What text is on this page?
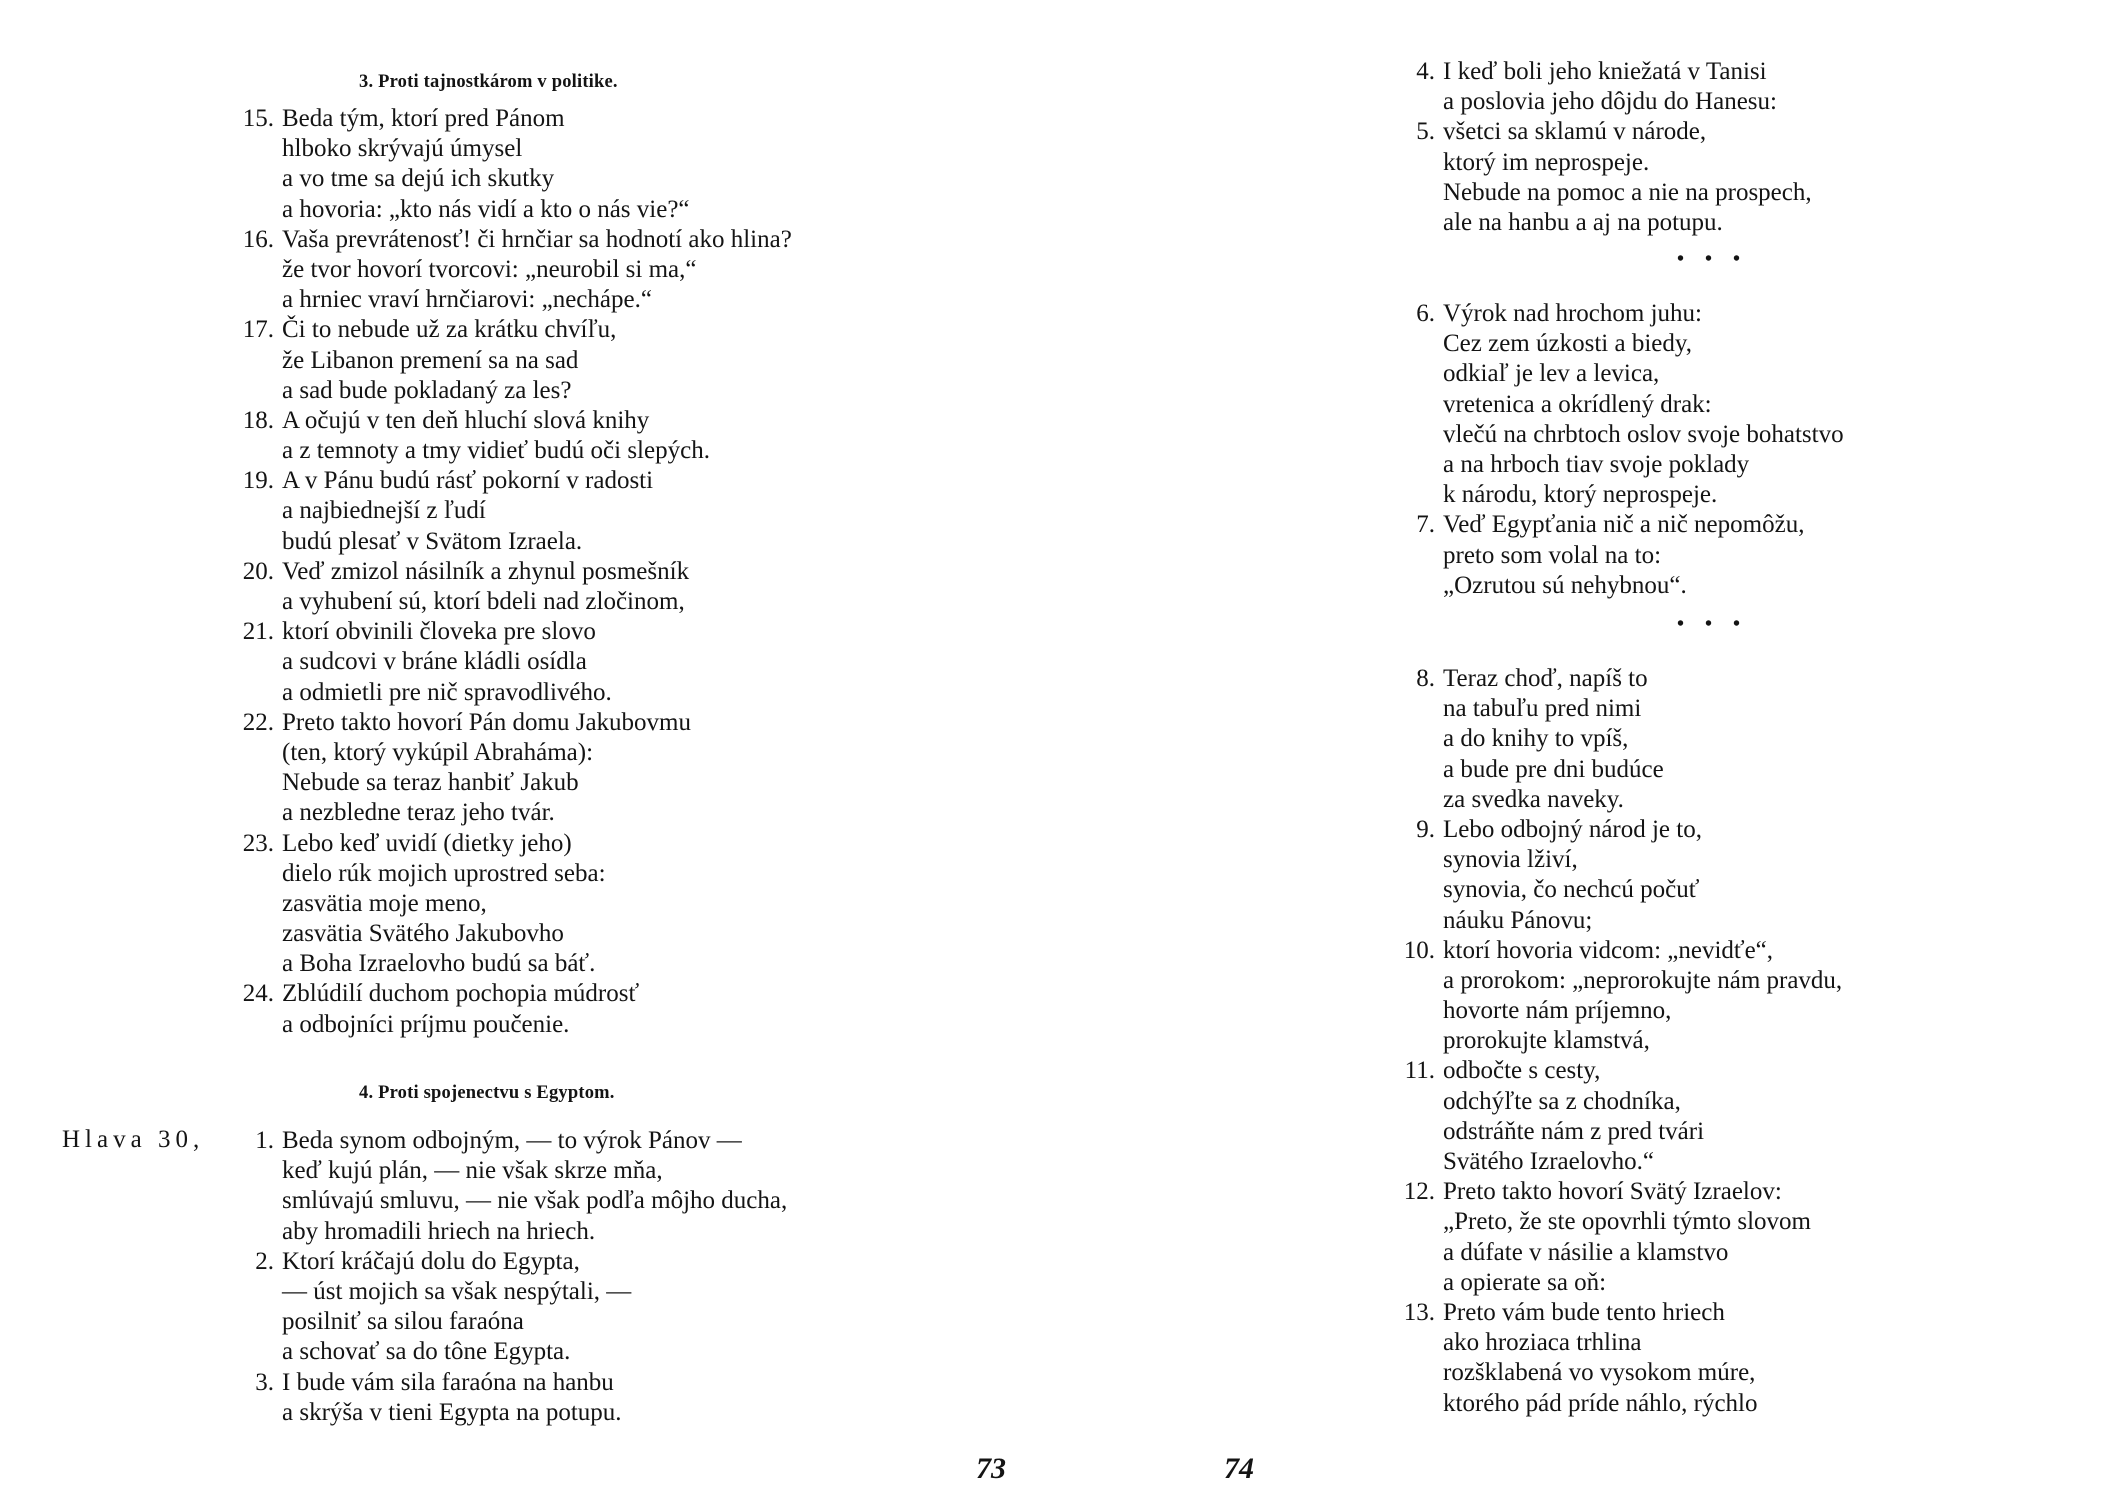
3. Proti tajnostkárom v politike.
15. Beda tým, ktorí pred Pánom
hlboko skrývajú úmysel
a vo tme sa dejú ich skutky
a hovoria: „kto nás vidí a kto o nás vie?“
16. Vaša prevrátenosť! či hrnčiar sa hodnotí ako hlina?
že tvor hovorí tvorcovi: „neurobil si ma,“
a hrniec vraví hrnčiarovi: „nechápe.“
17. Či to nebude už za krátku chvíľu,
že Libanon premení sa na sad
a sad bude pokladaný za les?
18. A očujú v ten deň hluchí slová knihy
a z temnoty a tmy vidieť budú oči slepých.
19. A v Pánu budú rásť pokorní v radosti
a najbiednejší z ľudí
budú plesať v Svätom Izraela.
20. Veď zmizol násilník a zhynul posmešník
a vyhubení sú, ktorí bdeli nad zločinom,
21. ktorí obvinili človeka pre slovo
a sudcovi v bráne kládli osídla
a odmietli pre nič spravodlivého.
22. Preto takto hovorí Pán domu Jakubovmu
(ten, ktorý vykúpil Abraháma):
Nebude sa teraz hanbiť Jakub
a nezbledne teraz jeho tvár.
23. Lebo keď uvidí (dietky jeho)
dielo rúk mojich uprostred seba:
zasvätia moje meno,
zasvätia Svätého Jakubovho
a Boha Izraelovho budú sa báť.
24. Zblúdilí duchom pochopia múdrosť
a odbojníci príjmu poučenie.
4. Proti spojenectvu s Egyptom.
Hlava 30, 1. Beda synom odbojným, — to výrok Pánov —
keď kujú plán, — nie však skrze mňa,
smlúvajú smluvu, — nie však podľa môjho ducha,
aby hromadili hriech na hriech.
2. Ktorí kráčajú dolu do Egypta,
— úst mojich sa však nespýtali, —
posilniť sa silou faraóna
a schovať sa do tône Egypta.
3. I bude vám sila faraóna na hanbu
a skrýša v tieni Egypta na potupu.
73
4. I keď boli jeho kniežatá v Tanisi
a poslovia jeho dôjdu do Hanesu:
5. všetci sa sklamú v národe,
ktorý im neprospeje.
Nebude na pomoc a nie na prospech,
ale na hanbu a aj na potupu.
• • •
6. Výrok nad hrochom juhu:
Cez zem úzkosti a biedy,
odkiaľ je lev a levica,
vretenica a okrídlený drak:
vlečú na chrbtoch oslov svoje bohatstvo
a na hrboch tiav svoje poklady
k národu, ktorý neprospeje.
7. Veď Egypťania nič a nič nepomôžu,
preto som volal na to:
„Ozrutou sú nehybnou“.
• • •
8. Teraz choď, napíš to
na tabuľu pred nimi
a do knihy to vpíš,
a bude pre dni budúce
za svedka naveky.
9. Lebo odbojný národ je to,
synovia lživí,
synovia, čo nechcú počuť
náuku Pánovu;
10. ktorí hovoria vidcom: „nevidťe“,
a prorokom: „neprorokujte nám pravdu,
hovorte nám príjemno,
prorokujte klamstvá,
11. odbočte s cesty,
odchýľte sa z chodníka,
odstráňte nám z pred tvári
Svätého Izraelovho.“
12. Preto takto hovorí Svätý Izraelov:
„Preto, že ste opovrhli týmto slovom
a dúfate v násilie a klamstvo
a opierate sa oň:
13. Preto vám bude tento hriech
ako hroziaca trhlina
rozšklabená vo vysokom múre,
ktorého pád príde náhlo, rýchlo
74
